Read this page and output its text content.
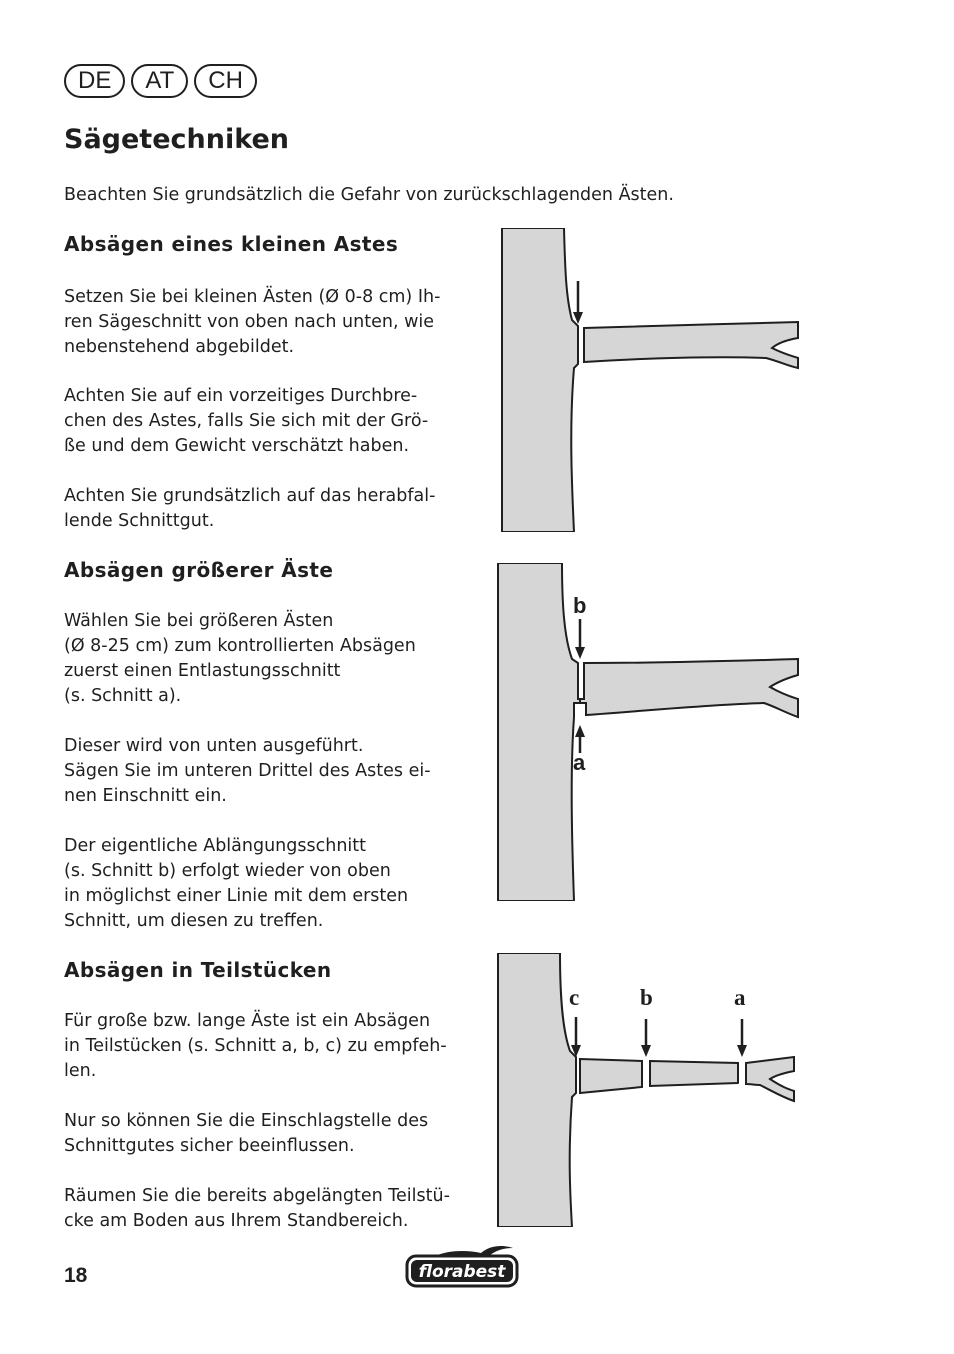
DE	AT	CH
Sägetechniken

Beachten Sie grundsätzlich die Gefahr von zurückschlagenden Ästen.

Absägen eines kleinen Astes

Setzen Sie bei kleinen Ästen (Ø 0-8 cm) Ih-
ren Sägeschnitt von oben nach unten, wie
nebenstehend abgebildet.

Achten Sie auf ein vorzeitiges Durchbre-
chen des Astes, falls Sie sich mit der Grö-
ße und dem Gewicht verschätzt haben.

Achten Sie grundsätzlich auf das herabfal-
lende Schnittgut.

Absägen größerer Äste

Wählen Sie bei größeren Ästen
(Ø 8-25 cm) zum kontrollierten Absägen
zuerst einen Entlastungsschnitt
(s. Schnitt a).

Dieser wird von unten ausgeführt.
Sägen Sie im unteren Drittel des Astes ei-
nen Einschnitt ein.

Der eigentliche Ablängungsschnitt
(s. Schnitt b) erfolgt wieder von oben
in möglichst einer Linie mit dem ersten
Schnitt, um diesen zu treffen.

Absägen in Teilstücken

Für große bzw. lange Äste ist ein Absägen
in Teilstücken (s. Schnitt a, b, c) zu empfeh-
len.

Nur so können Sie die Einschlagstelle des
Schnittgutes sicher beeinflussen.

Räumen Sie die bereits abgelängten Teilstü-
cke am Boden aus Ihrem Standbereich.

b
a
c	b	a
18	florabest
